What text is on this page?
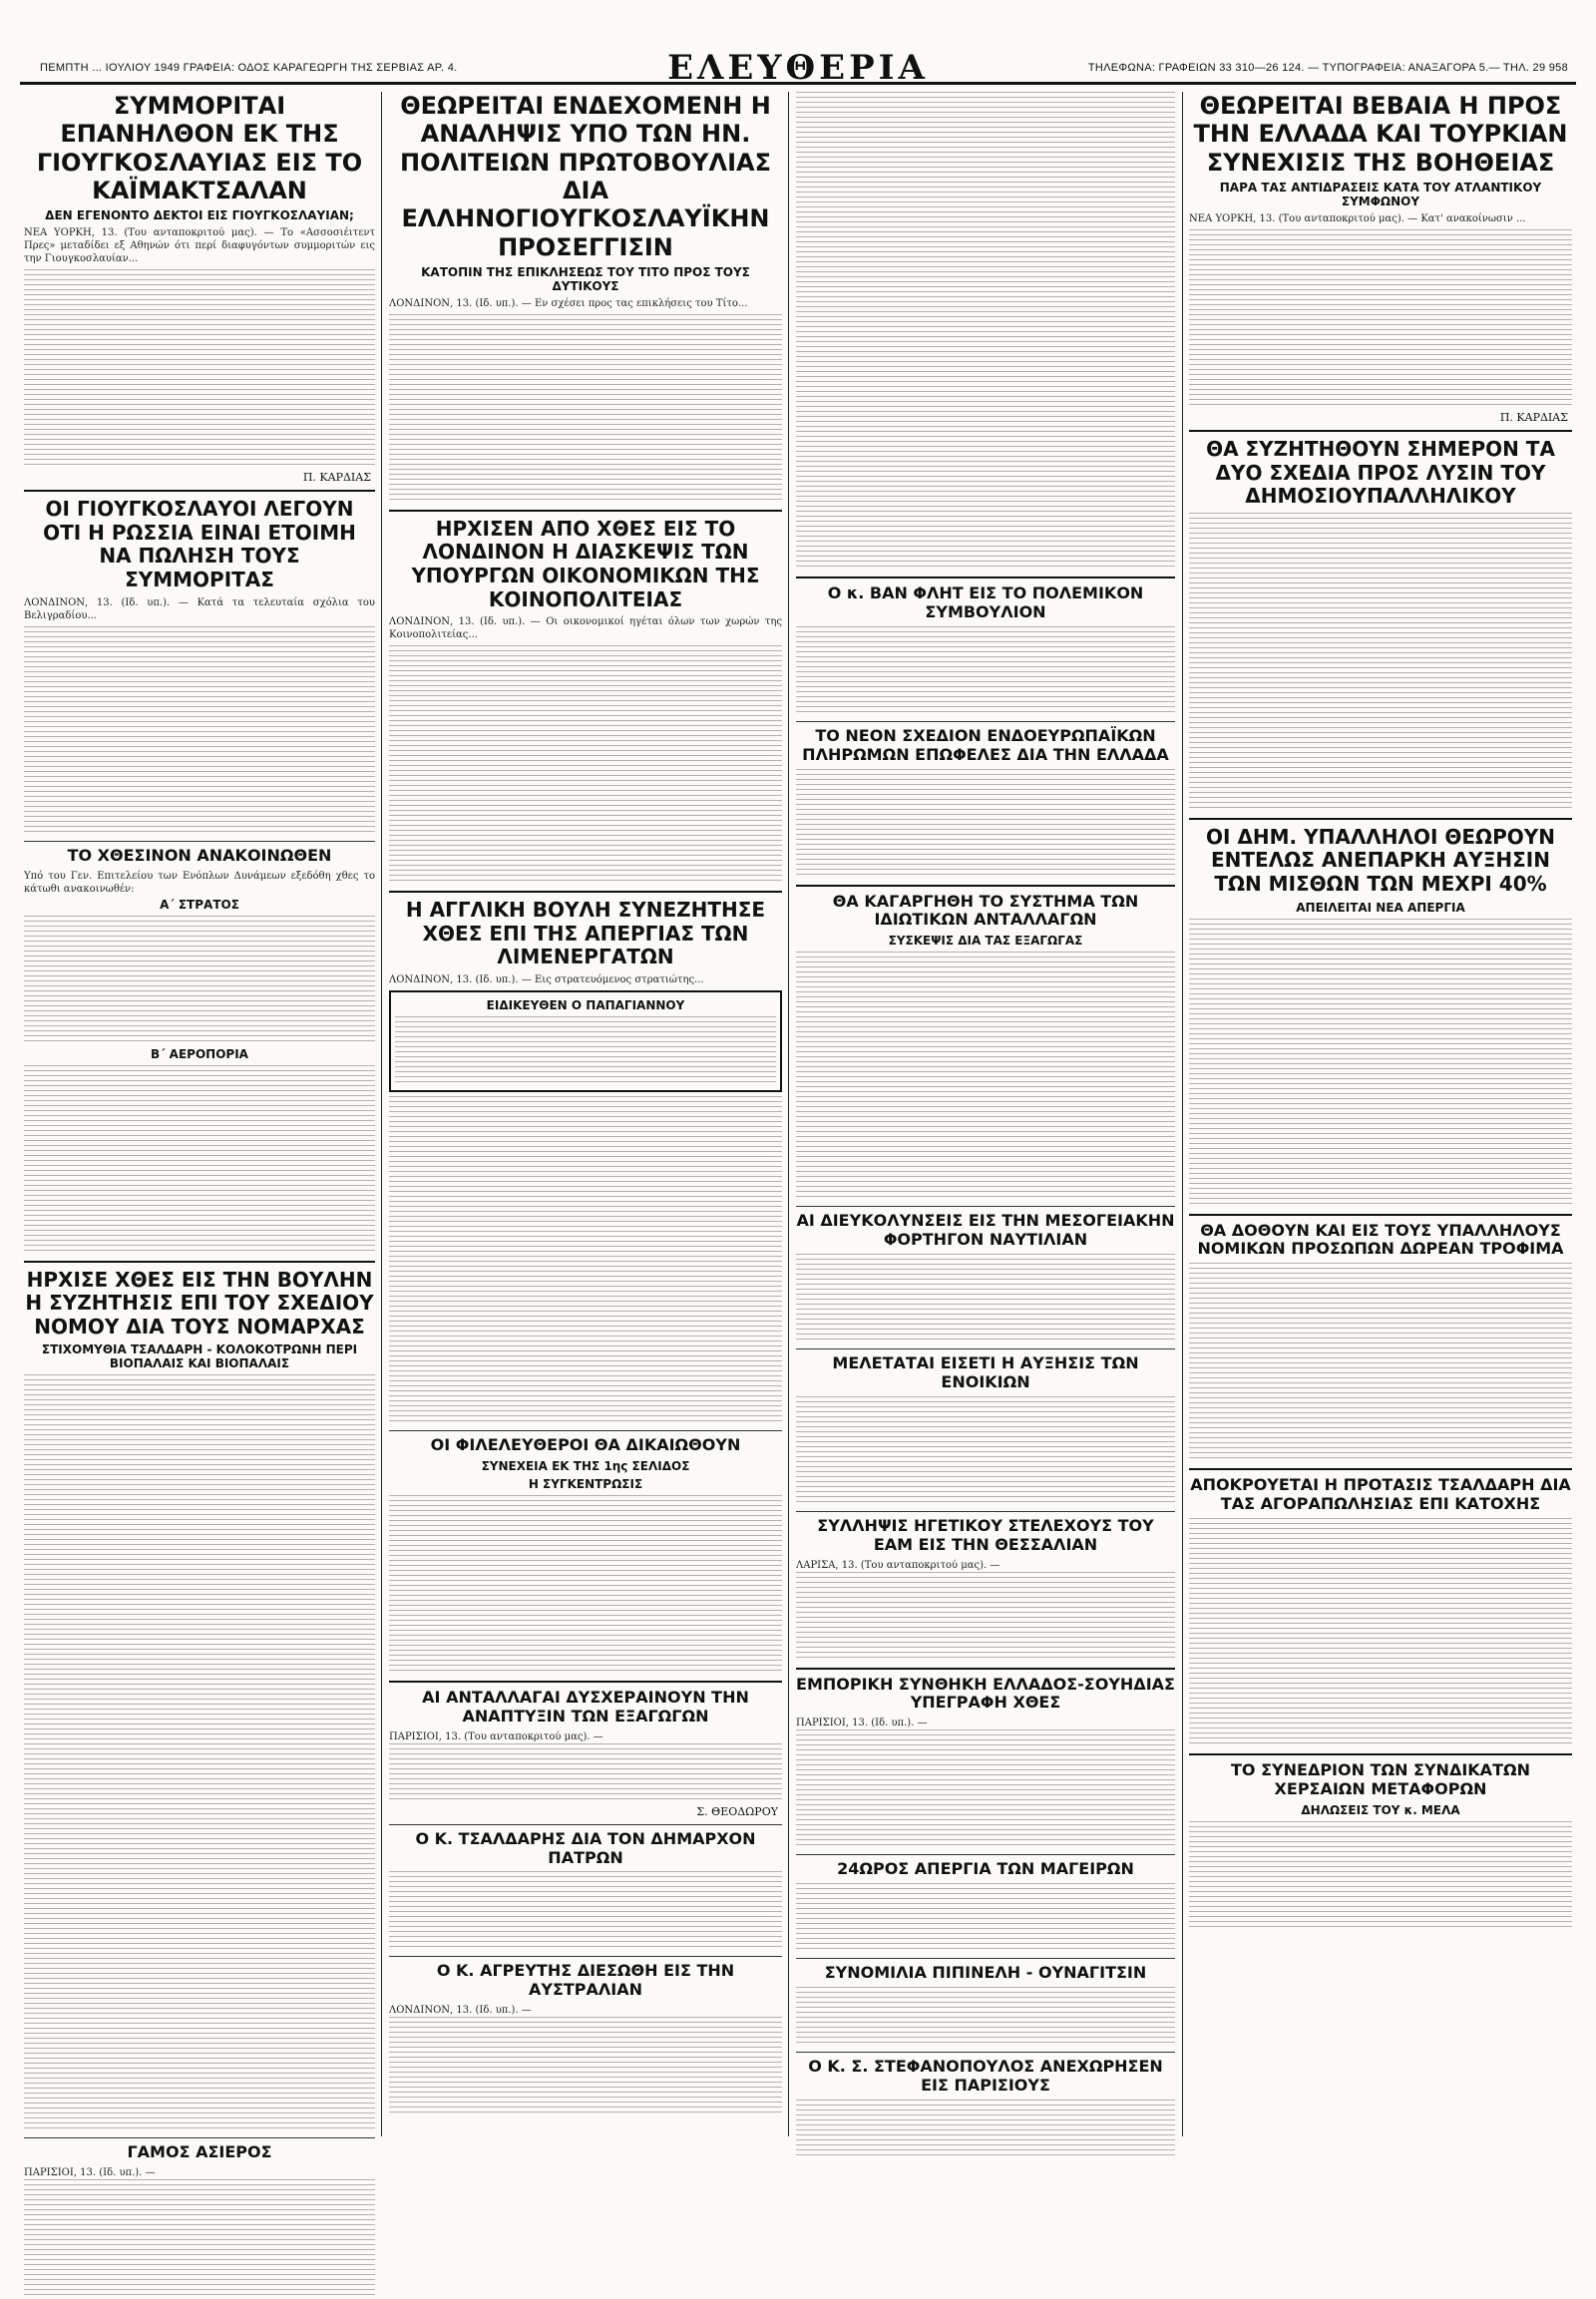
ΠΕΜΠΤΗ ... ΙΟΥΛΙΟΥ 1949 ΓΡΑΦΕΙΑ: ΟΔΟΣ ΚΑΡΑΓΕΩΡΓΗ ΤΗΣ ΣΕΡΒΙΑΣ ΑΡ. 4.	ΕΛΕΥΘΕΡΙΑ	ΤΗΛΕΦΩΝΑ: ΓΡΑΦΕΙΩΝ 33 310—26 124. — ΤΥΠΟΓΡΑΦΕΙΑ: ΑΝΑΞΑΓΟΡΑ 5.— ΤΗΛ. 29 958
ΣΥΜΜΟΡΙΤΑΙ ΕΠΑΝΗΛΘΟΝ ΕΚ ΤΗΣ ΓΙΟΥΓΚΟΣΛΑΥΙΑΣ ΕΙΣ ΤΟ ΚΑΪΜΑΚΤΣΑΛΑΝ
ΔΕΝ ΕΓΕΝΟΝΤΟ ΔΕΚΤΟΙ ΕΙΣ ΓΙΟΥΓΚΟΣΛΑΥΙΑΝ;
ΝΕΑ ΥΟΡΚΗ, 13. (Του ανταποκριτού μας). — Το «Ασσοσιέιτεντ Πρες» μεταδίδει εξ Αθηνών ότι περί διαφυγόντων συμμοριτών εις την Γιουγκοσλαυίαν...
Π. ΚΑΡΔΙΑΣ
ΟΙ ΓΙΟΥΓΚΟΣΛΑΥΟΙ ΛΕΓΟΥΝ ΟΤΙ Η ΡΩΣΣΙΑ ΕΙΝΑΙ ΕΤΟΙΜΗ ΝΑ ΠΩΛΗΣΗ ΤΟΥΣ ΣΥΜΜΟΡΙΤΑΣ
ΛΟΝΔΙΝΟΝ, 13. (Ιδ. υπ.). — Κατά τα τελευταία σχόλια του Βελιγραδίου...
ΤΟ ΧΘΕΣΙΝΟΝ ΑΝΑΚΟΙΝΩΘΕΝ
Υπό του Γεν. Επιτελείου των Ενόπλων Δυνάμεων εξεδόθη χθες το κάτωθι ανακοινωθέν:
Α΄ ΣΤΡΑΤΟΣ
Β΄ ΑΕΡΟΠΟΡΙΑ
ΗΡΧΙΣΕ ΧΘΕΣ ΕΙΣ ΤΗΝ ΒΟΥΛΗΝ Η ΣΥΖΗΤΗΣΙΣ ΕΠΙ ΤΟΥ ΣΧΕΔΙΟΥ ΝΟΜΟΥ ΔΙΑ ΤΟΥΣ ΝΟΜΑΡΧΑΣ
ΣΤΙΧΟΜΥΘΙΑ ΤΣΑΛΔΑΡΗ - ΚΟΛΟΚΟΤΡΩΝΗ ΠΕΡΙ ΒΙΟΠΑΛΑΙΣ ΚΑΙ ΒΙΟΠΑΛΑΙΣ
ΓΑΜΟΣ ΑΣΙΕΡΟΣ
ΠΑΡΙΣΙΟΙ, 13. (Ιδ. υπ.). —
ΘΕΩΡΕΙΤΑΙ ΕΝΔΕΧΟΜΕΝΗ Η ΑΝΑΛΗΨΙΣ ΥΠΟ ΤΩΝ ΗΝ. ΠΟΛΙΤΕΙΩΝ ΠΡΩΤΟΒΟΥΛΙΑΣ ΔΙΑ ΕΛΛΗΝΟΓΙΟΥΓΚΟΣΛΑΥΪΚΗΝ ΠΡΟΣΕΓΓΙΣΙΝ
ΚΑΤΟΠΙΝ ΤΗΣ ΕΠΙΚΛΗΣΕΩΣ ΤΟΥ ΤΙΤΟ ΠΡΟΣ ΤΟΥΣ ΔΥΤΙΚΟΥΣ
ΛΟΝΔΙΝΟΝ, 13. (Ιδ. υπ.). — Εν σχέσει προς τας επικλήσεις του Τίτο...
ΗΡΧΙΣΕΝ ΑΠΟ ΧΘΕΣ ΕΙΣ ΤΟ ΛΟΝΔΙΝΟΝ Η ΔΙΑΣΚΕΨΙΣ ΤΩΝ ΥΠΟΥΡΓΩΝ ΟΙΚΟΝΟΜΙΚΩΝ ΤΗΣ ΚΟΙΝΟΠΟΛΙΤΕΙΑΣ
ΛΟΝΔΙΝΟΝ, 13. (Ιδ. υπ.). — Οι οικονομικοί ηγέται όλων των χωρών της Κοινοπολιτείας...
Η ΑΓΓΛΙΚΗ ΒΟΥΛΗ ΣΥΝΕΖΗΤΗΣΕ ΧΘΕΣ ΕΠΙ ΤΗΣ ΑΠΕΡΓΙΑΣ ΤΩΝ ΛΙΜΕΝΕΡΓΑΤΩΝ
ΛΟΝΔΙΝΟΝ, 13. (Ιδ. υπ.). — Εις στρατευόμενος στρατιώτης...
ΕΙΔΙΚΕΥΘΕΝ Ο ΠΑΠΑΓΙΑΝΝΟΥ
ΟΙ ΦΙΛΕΛΕΥΘΕΡΟΙ ΘΑ ΔΙΚΑΙΩΘΟΥΝ
ΣΥΝΕΧΕΙΑ ΕΚ ΤΗΣ 1ης ΣΕΛΙΔΟΣ
Η ΣΥΓΚΕΝΤΡΩΣΙΣ
ΑΙ ΑΝΤΑΛΛΑΓΑΙ ΔΥΣΧΕΡΑΙΝΟΥΝ ΤΗΝ ΑΝΑΠΤΥΞΙΝ ΤΩΝ ΕΞΑΓΩΓΩΝ
ΠΑΡΙΣΙΟΙ, 13. (Του ανταποκριτού μας). —
Σ. ΘΕΟΔΩΡΟΥ
Ο Κ. ΤΣΑΛΔΑΡΗΣ ΔΙΑ ΤΟΝ ΔΗΜΑΡΧΟΝ ΠΑΤΡΩΝ
Ο Κ. ΑΓΡΕΥΤΗΣ ΔΙΕΣΩΘΗ ΕΙΣ ΤΗΝ ΑΥΣΤΡΑΛΙΑΝ
ΛΟΝΔΙΝΟΝ, 13. (Ιδ. υπ.). —
Ο κ. ΒΑΝ ΦΛΗΤ ΕΙΣ ΤΟ ΠΟΛΕΜΙΚΟΝ ΣΥΜΒΟΥΛΙΟΝ
ΤΟ ΝΕΟΝ ΣΧΕΔΙΟΝ ΕΝΔΟΕΥΡΩΠΑΪΚΩΝ ΠΛΗΡΩΜΩΝ ΕΠΩΦΕΛΕΣ ΔΙΑ ΤΗΝ ΕΛΛΑΔΑ
ΘΑ ΚΑΓΑΡΓΗΘΗ ΤΟ ΣΥΣΤΗΜΑ ΤΩΝ ΙΔΙΩΤΙΚΩΝ ΑΝΤΑΛΛΑΓΩΝ
ΣΥΣΚΕΨΙΣ ΔΙΑ ΤΑΣ ΕΞΑΓΩΓΑΣ
ΑΙ ΔΙΕΥΚΟΛΥΝΣΕΙΣ ΕΙΣ ΤΗΝ ΜΕΣΟΓΕΙΑΚΗΝ ΦΟΡΤΗΓΟΝ ΝΑΥΤΙΛΙΑΝ
ΜΕΛΕΤΑΤΑΙ ΕΙΣΕΤΙ Η ΑΥΞΗΣΙΣ ΤΩΝ ΕΝΟΙΚΙΩΝ
ΣΥΛΛΗΨΙΣ ΗΓΕΤΙΚΟΥ ΣΤΕΛΕΧΟΥΣ ΤΟΥ ΕΑΜ ΕΙΣ ΤΗΝ ΘΕΣΣΑΛΙΑΝ
ΛΑΡΙΣΑ, 13. (Του ανταποκριτού μας). —
ΕΜΠΟΡΙΚΗ ΣΥΝΘΗΚΗ ΕΛΛΑΔΟΣ-ΣΟΥΗΔΙΑΣ ΥΠΕΓΡΑΦΗ ΧΘΕΣ
ΠΑΡΙΣΙΟΙ, 13. (Ιδ. υπ.). —
24ΩΡΟΣ ΑΠΕΡΓΙΑ ΤΩΝ ΜΑΓΕΙΡΩΝ
ΣΥΝΟΜΙΛΙΑ ΠΙΠΙΝΕΛΗ - ΟΥΝΑΓΙΤΣΙΝ
Ο Κ. Σ. ΣΤΕΦΑΝΟΠΟΥΛΟΣ ΑΝΕΧΩΡΗΣΕΝ ΕΙΣ ΠΑΡΙΣΙΟΥΣ
ΘΕΩΡΕΙΤΑΙ ΒΕΒΑΙΑ Η ΠΡΟΣ ΤΗΝ ΕΛΛΑΔΑ ΚΑΙ ΤΟΥΡΚΙΑΝ ΣΥΝΕΧΙΣΙΣ ΤΗΣ ΒΟΗΘΕΙΑΣ
ΠΑΡΑ ΤΑΣ ΑΝΤΙΔΡΑΣΕΙΣ ΚΑΤΑ ΤΟΥ ΑΤΛΑΝΤΙΚΟΥ ΣΥΜΦΩΝΟΥ
ΝΕΑ ΥΟΡΚΗ, 13. (Του ανταποκριτού μας). — Κατ' ανακοίνωσιν ...
Π. ΚΑΡΔΙΑΣ
ΘΑ ΣΥΖΗΤΗΘΟΥΝ ΣΗΜΕΡΟΝ ΤΑ ΔΥΟ ΣΧΕΔΙΑ ΠΡΟΣ ΛΥΣΙΝ ΤΟΥ ΔΗΜΟΣΙΟΥΠΑΛΛΗΛΙΚΟΥ
ΟΙ ΔΗΜ. ΥΠΑΛΛΗΛΟΙ ΘΕΩΡΟΥΝ ΕΝΤΕΛΩΣ ΑΝΕΠΑΡΚΗ ΑΥΞΗΣΙΝ ΤΩΝ ΜΙΣΘΩΝ ΤΩΝ ΜΕΧΡΙ 40%
ΑΠΕΙΛΕΙΤΑΙ ΝΕΑ ΑΠΕΡΓΙΑ
ΘΑ ΔΟΘΟΥΝ ΚΑΙ ΕΙΣ ΤΟΥΣ ΥΠΑΛΛΗΛΟΥΣ ΝΟΜΙΚΩΝ ΠΡΟΣΩΠΩΝ ΔΩΡΕΑΝ ΤΡΟΦΙΜΑ
ΑΠΟΚΡΟΥΕΤΑΙ Η ΠΡΟΤΑΣΙΣ ΤΣΑΛΔΑΡΗ ΔΙΑ ΤΑΣ ΑΓΟΡΑΠΩΛΗΣΙΑΣ ΕΠΙ ΚΑΤΟΧΗΣ
ΤΟ ΣΥΝΕΔΡΙΟΝ ΤΩΝ ΣΥΝΔΙΚΑΤΩΝ ΧΕΡΣΑΙΩΝ ΜΕΤΑΦΟΡΩΝ
ΔΗΛΩΣΕΙΣ ΤΟΥ κ. ΜΕΛΑ
